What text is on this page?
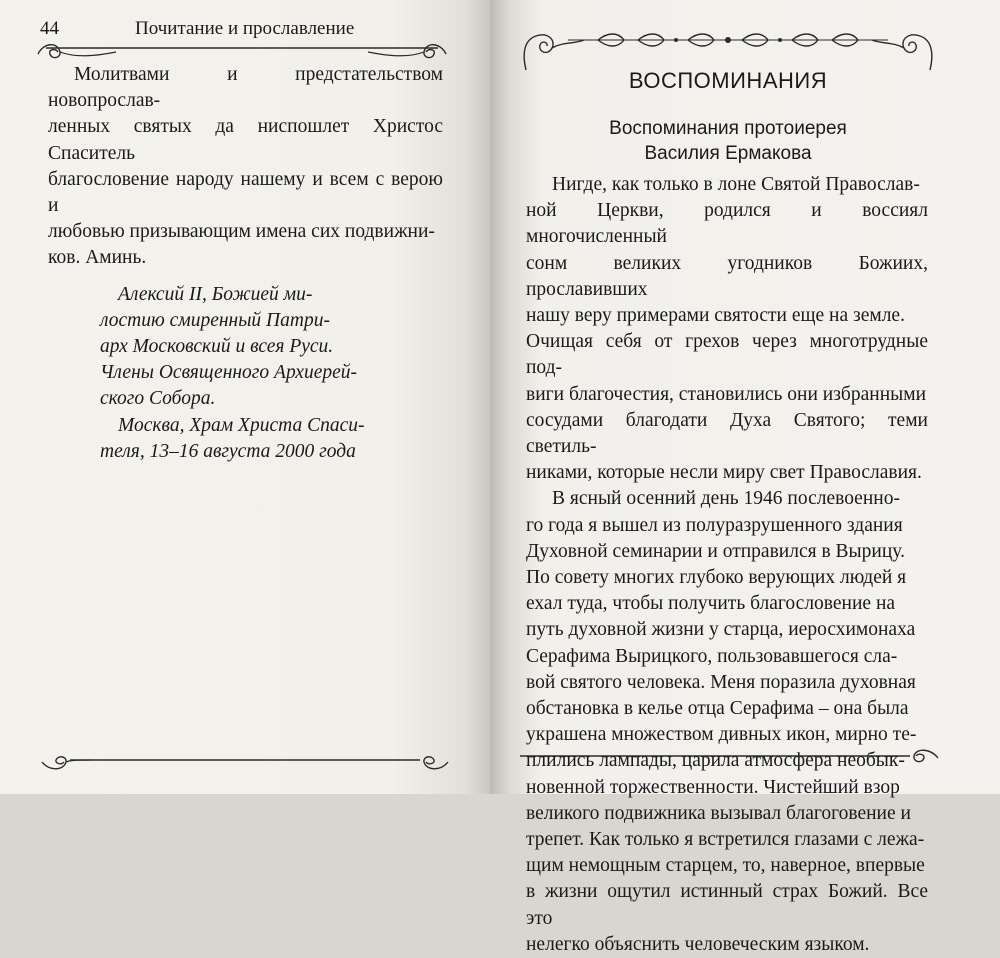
44	Почитание и прославление

Молитвами и предстательством новопрослав-

ленных святых да ниспошлет Христос Спаситель

благословение народу нашему и всем с верою и

любовью призывающим имена сих подвижни-

ков. Аминь.

Алексий II, Божией ми-

лостию смиренный Патри-

арх Московский и всея Руси.

Члены Освященного Архиерей-

ского Собора.

Москва, Храм Христа Спаси-

теля, 13–16 августа 2000 года

ВОСПОМИНАНИЯ
Воспоминания протоиерея
Василия Ермакова

Нигде, как только в лоне Святой Православ-

ной Церкви, родился и воссиял многочисленный

сонм великих угодников Божиих, прославивших

нашу веру примерами святости еще на земле.

Очищая себя от грехов через многотрудные под-

виги благочестия, становились они избранными

сосудами благодати Духа Святого; теми светиль-

никами, которые несли миру свет Православия.

В ясный осенний день 1946 послевоенно-

го года я вышел из полуразрушенного здания

Духовной семинарии и отправился в Вырицу.

По совету многих глубоко верующих людей я

ехал туда, чтобы получить благословение на

путь духовной жизни у старца, иеросхимонаха

Серафима Вырицкого, пользовавшегося сла-

вой святого человека. Меня поразила духовная

обстановка в келье отца Серафима – она была

украшена множеством дивных икон, мирно те-

плились лампады, царила атмосфера необык-

новенной торжественности. Чистейший взор

великого подвижника вызывал благоговение и

трепет. Как только я встретился глазами с лежа-

щим немощным старцем, то, наверное, впервые

в жизни ощутил истинный страх Божий. Все это

нелегко объяснить человеческим языком.
